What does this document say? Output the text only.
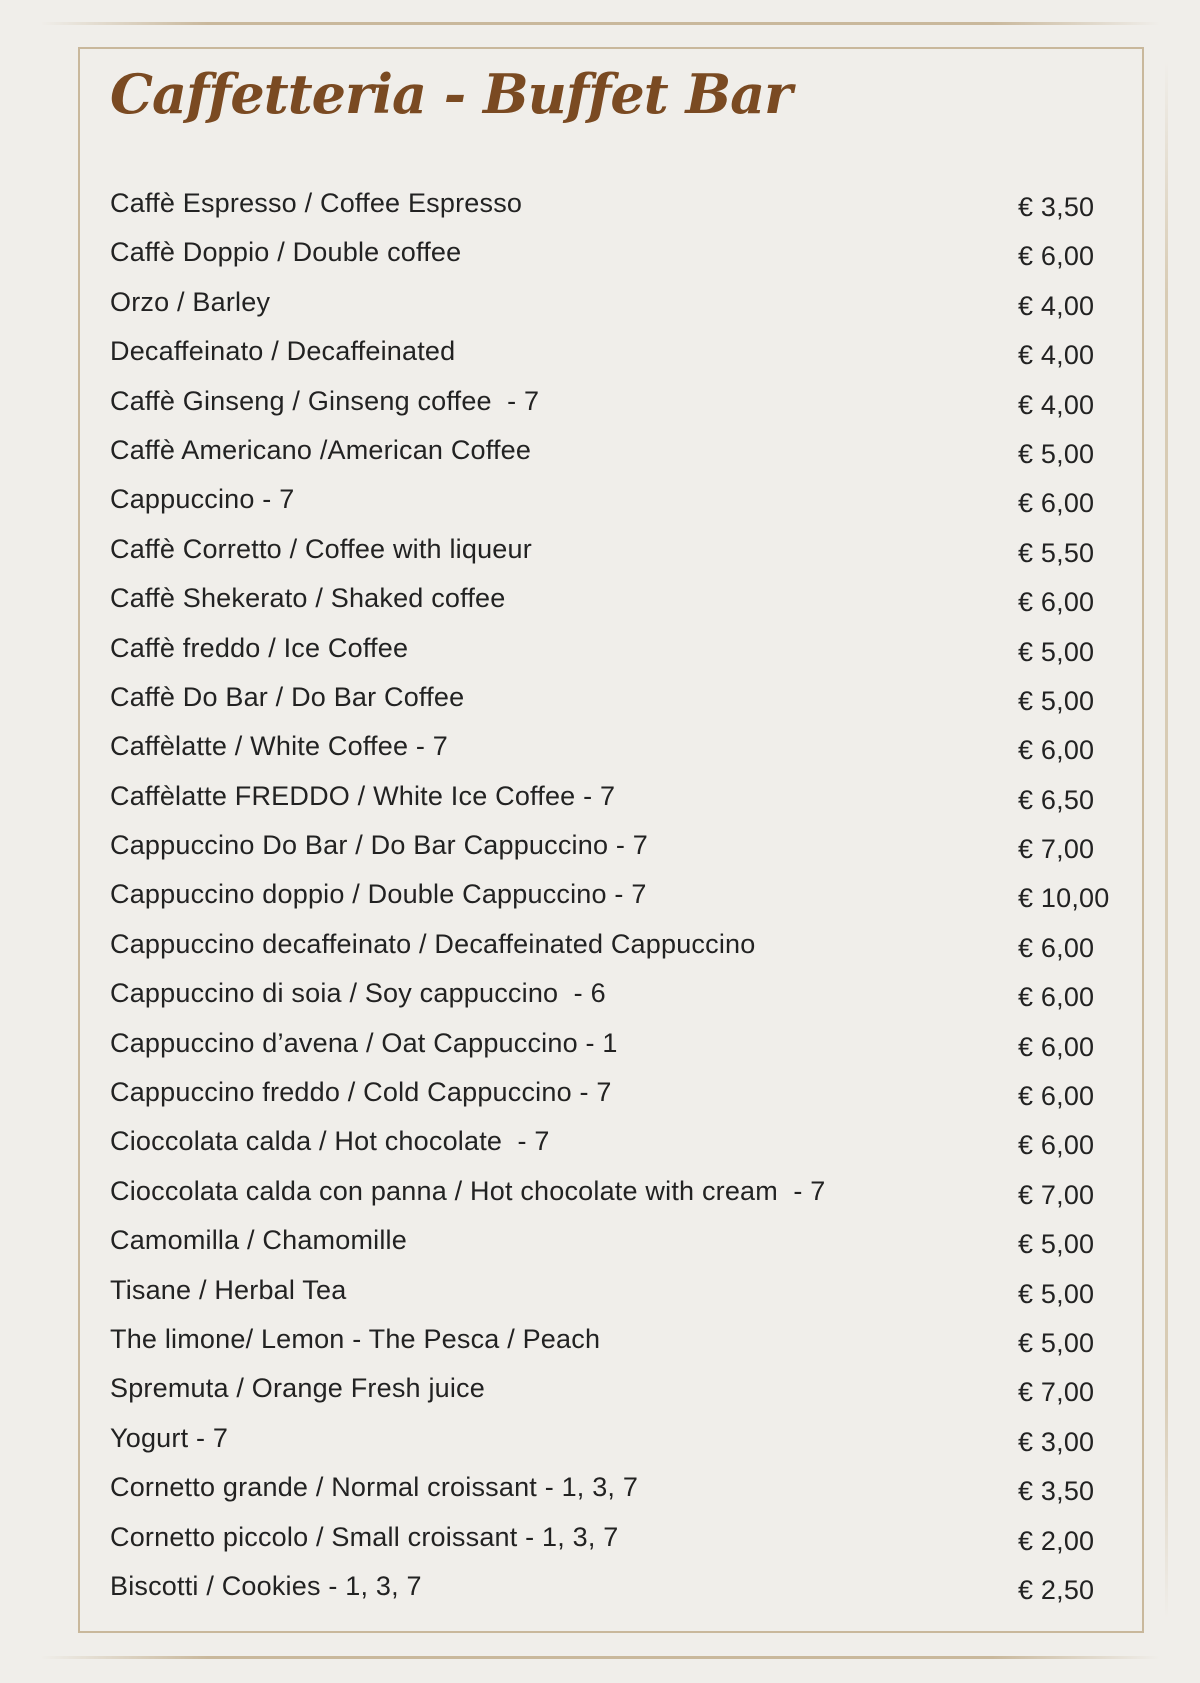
Caffetteria - Buffet Bar
Caffè Espresso / Coffee Espresso	€ 3,50
Caffè Doppio / Double coffee	€ 6,00
Orzo / Barley	€ 4,00
Decaffeinato / Decaffeinated	€ 4,00
Caffè Ginseng / Ginseng coffee  - 7	€ 4,00
Caffè Americano /American Coffee	€ 5,00
Cappuccino - 7	€ 6,00
Caffè Corretto / Coffee with liqueur	€ 5,50
Caffè Shekerato / Shaked coffee	€ 6,00
Caffè freddo / Ice Coffee	€ 5,00
Caffè Do Bar / Do Bar Coffee	€ 5,00
Caffèlatte / White Coffee - 7	€ 6,00
Caffèlatte FREDDO / White Ice Coffee - 7	€ 6,50
Cappuccino Do Bar / Do Bar Cappuccino - 7	€ 7,00
Cappuccino doppio / Double Cappuccino - 7	€ 10,00
Cappuccino decaffeinato / Decaffeinated Cappuccino	€ 6,00
Cappuccino di soia / Soy cappuccino  - 6	€ 6,00
Cappuccino d’avena / Oat Cappuccino - 1	€ 6,00
Cappuccino freddo / Cold Cappuccino - 7	€ 6,00
Cioccolata calda / Hot chocolate  - 7	€ 6,00
Cioccolata calda con panna / Hot chocolate with cream  - 7	€ 7,00
Camomilla / Chamomille	€ 5,00
Tisane / Herbal Tea	€ 5,00
The limone/ Lemon - The Pesca / Peach	€ 5,00
Spremuta / Orange Fresh juice	€ 7,00
Yogurt - 7	€ 3,00
Cornetto grande / Normal croissant - 1, 3, 7	€ 3,50
Cornetto piccolo / Small croissant - 1, 3, 7	€ 2,00
Biscotti / Cookies - 1, 3, 7	€ 2,50
